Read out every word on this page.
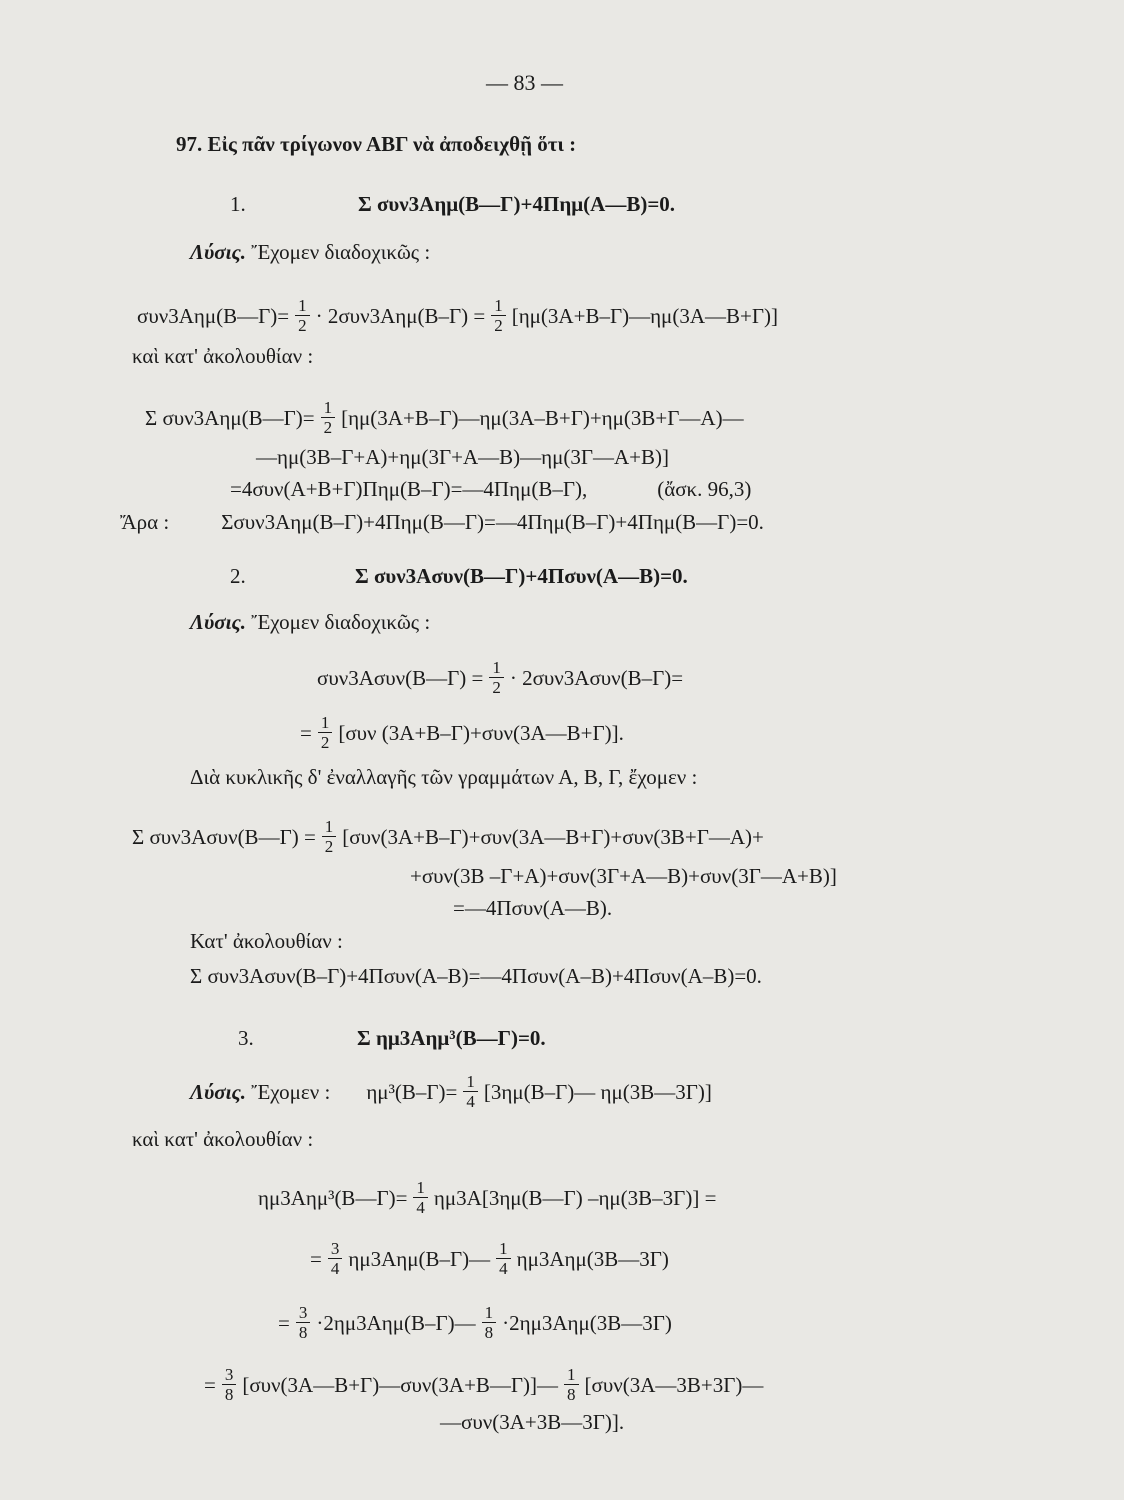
— 83 —
97. Εἰς πᾶν τρίγωνον ΑΒΓ νὰ ἀποδειχθῇ ὅτι :
1.	Σ συν3Αημ(Β—Γ)+4Πημ(Α—Β)=0.
Λύσις.
Ἔχομεν διαδοχικῶς :
συν3Αημ(Β—Γ)= $\frac{1}{2} \cdot 2\sigma\upsilon\nu 3A\eta\mu(B-\Gamma) = \frac{1}{2}$ [ημ(3Α+Β–Γ)—ημ(3Α—Β+Γ)]
καὶ κατ' ἀκολουθίαν :
Σ συν3Αημ(Β—Γ)= $\frac{1}{2}$ [ημ(3Α+Β–Γ)—ημ(3Α–Β+Γ)+ημ(3Β+Γ—Α)—
—ημ(3Β–Γ+Α)+ημ(3Γ+Α—Β)—ημ(3Γ—Α+Β)]
=4συν(Α+Β+Γ)Πημ(Β–Γ)=—4Πημ(Β–Γ),	(ἄσκ. 96,3)
Ἄρα : Σσυν3Αημ(Β–Γ)+4Πημ(Β—Γ)=—4Πημ(Β–Γ)+4Πημ(Β—Γ)=0.
2.	Σ συν3Ασυν(Β—Γ)+4Πσυν(Α—Β)=0.
Λύσις.
Ἔχομεν διαδοχικῶς :
συν3Ασυν(Β—Γ) = $\frac{1}{2} \cdot 2\sigma\upsilon\nu 3A\sigma\upsilon\nu(B-\Gamma)=$
= $\frac{1}{2} [\sigma\upsilon\nu$ (3Α+Β–Γ)+συν(3Α—Β+Γ)].
Διὰ κυκλικῆς δ' ἐναλλαγῆς τῶν γραμμάτων Α, Β, Γ, ἔχομεν :
Σ συν3Ασυν(Β—Γ) = $\frac{1}{2}$ [συν(3Α+Β–Γ)+συν(3Α—Β+Γ)+συν(3Β+Γ—Α)+
+συν(3Β –Γ+Α)+συν(3Γ+Α—Β)+συν(3Γ—Α+Β)]
=—4Πσυν(Α—Β).
Κατ' ἀκολουθίαν :
Σ συν3Ασυν(Β–Γ)+4Πσυν(Α–Β)=—4Πσυν(Α–Β)+4Πσυν(Α–Β)=0.
3.	Σ ημ3Αημ³(Β—Γ)=0.
Λύσις.
Ἔχομεν : $\eta\mu^3(B-\Gamma)= \frac{1}{4}$ [3ημ(Β–Γ)— ημ(3Β—3Γ)]
καὶ κατ' ἀκολουθίαν :
ημ3Αημ³(Β—Γ)= $\frac{1}{4}$ ημ3Α[3ημ(Β—Γ) –ημ(3Β–3Γ)] =
= $\frac{3}{4}$ ημ3Αημ(Β–Γ)— $\frac{1}{4}$ ημ3Αημ(3Β—3Γ)
= $\frac{3}{8}$ ·2ημ3Αημ(Β–Γ)— $\frac{1}{8}$ ·2ημ3Αημ(3Β—3Γ)
= $\frac{3}{8}$ [συν(3Α—Β+Γ)—συν(3Α+Β—Γ)]— $\frac{1}{8}$ [συν(3Α—3Β+3Γ)—
—συν(3Α+3Β—3Γ)].
